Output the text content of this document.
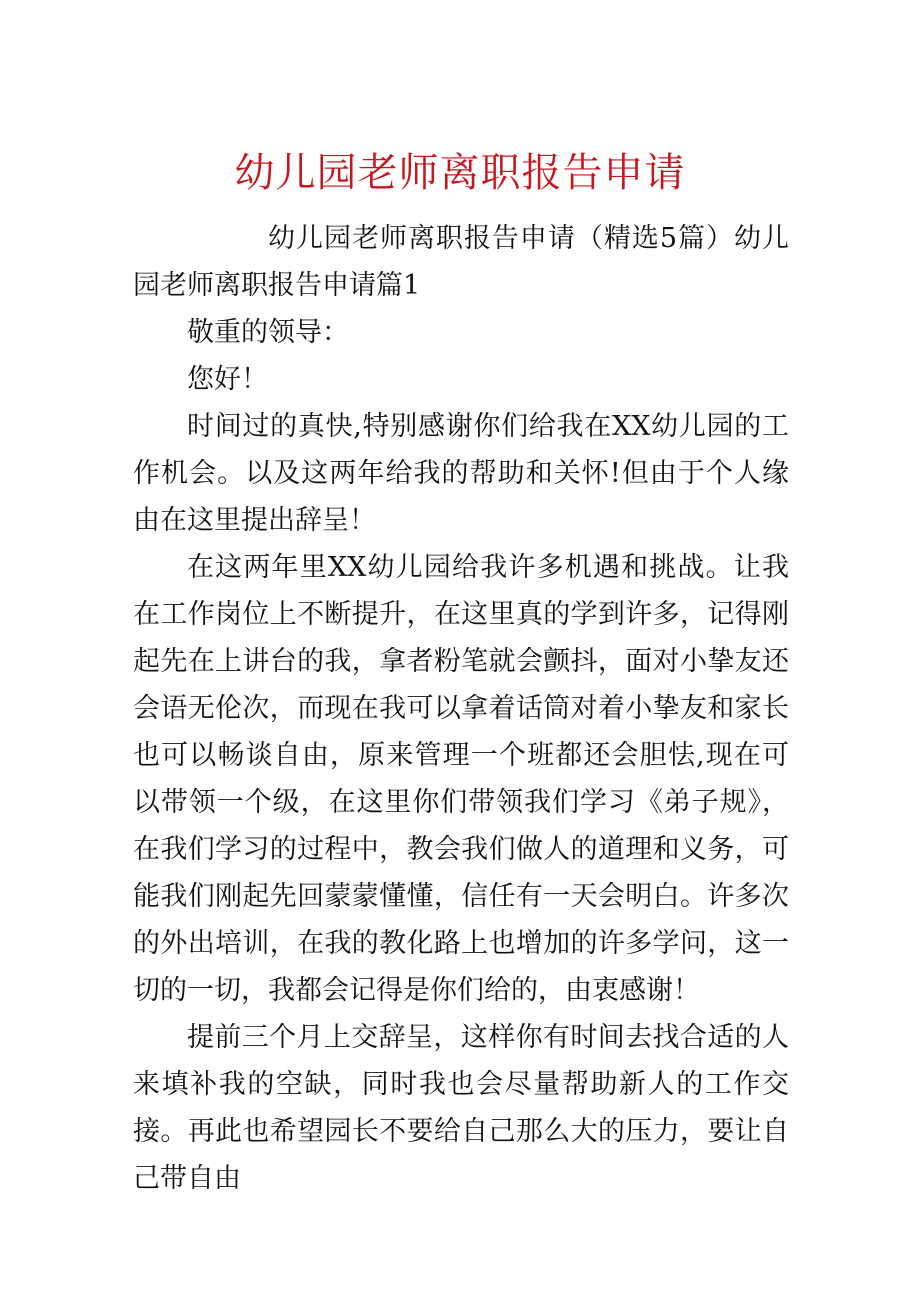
幼儿园老师离职报告申请

幼儿园老师离职报告申请（精选5篇）幼儿园老师离职报告申请篇1

敬重的领导：

您好！

时间过的真快,特别感谢你们给我在XX幼儿园的工作机会。以及这两年给我的帮助和关怀!但由于个人缘由在这里提出辞呈！

在这两年里XX幼儿园给我许多机遇和挑战。让我在工作岗位上不断提升，在这里真的学到许多，记得刚起先在上讲台的我，拿者粉笔就会颤抖，面对小挚友还会语无伦次，而现在我可以拿着话筒对着小挚友和家长也可以畅谈自由，原来管理一个班都还会胆怯,现在可以带领一个级，在这里你们带领我们学习《弟子规》，在我们学习的过程中，教会我们做人的道理和义务，可能我们刚起先回蒙蒙懂懂，信任有一天会明白。许多次的外出培训，在我的教化路上也增加的许多学问，这一切的一切，我都会记得是你们给的，由衷感谢！

提前三个月上交辞呈，这样你有时间去找合适的人来填补我的空缺，同时我也会尽量帮助新人的工作交接。再此也希望园长不要给自己那么大的压力，要让自己带自由
